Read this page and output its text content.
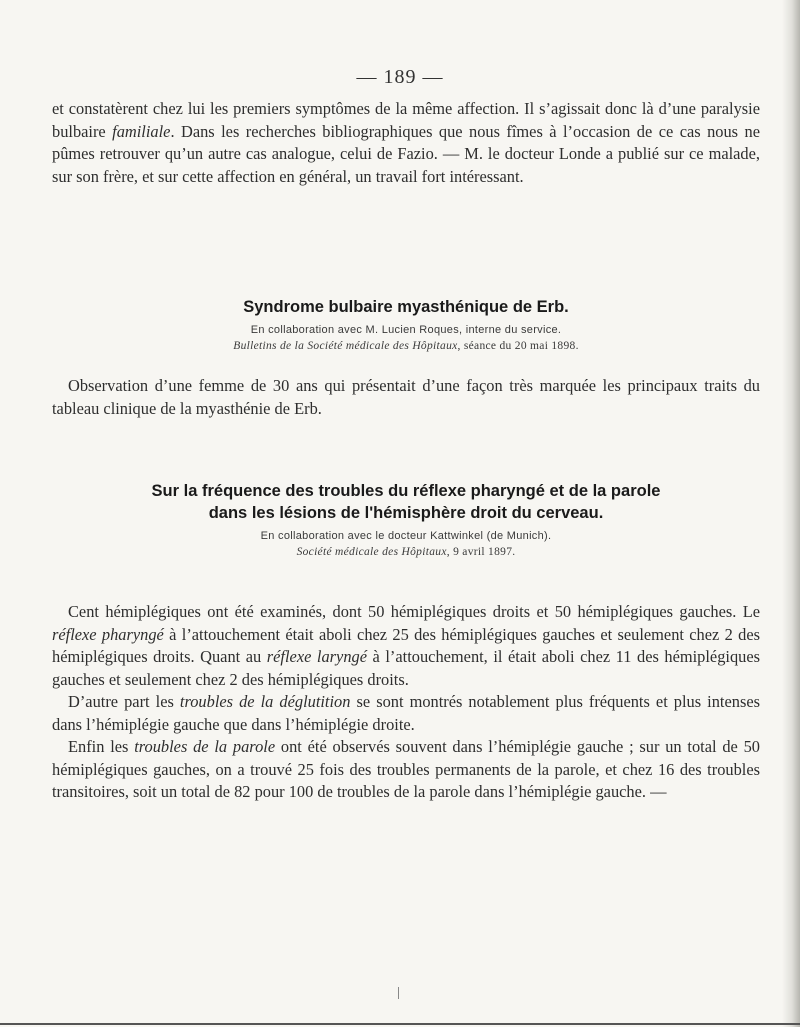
— 189 —

et constatèrent chez lui les premiers symptômes de la même affection. Il s’agissait donc là d’une paralysie bulbaire familiale. Dans les recherches bibliographiques que nous fîmes à l’occasion de ce cas nous ne pûmes retrouver qu’un autre cas analogue, celui de Fazio. — M. le docteur Londe a publié sur ce malade, sur son frère, et sur cette affection en général, un travail fort intéressant.

Syndrome bulbaire myasthénique de Erb.

En collaboration avec M. Lucien Roques, interne du service.

Bulletins de la Société médicale des Hôpitaux, séance du 20 mai 1898.

Observation d’une femme de 30 ans qui présentait d’une façon très marquée les principaux traits du tableau clinique de la myasthénie de Erb.

Sur la fréquence des troubles du réflexe pharyngé et de la parole
dans les lésions de l'hémisphère droit du cerveau.

En collaboration avec le docteur Kattwinkel (de Munich).

Société médicale des Hôpitaux, 9 avril 1897.

Cent hémiplégiques ont été examinés, dont 50 hémiplégiques droits et 50 hémiplégiques gauches. Le réflexe pharyngé à l’attouchement était aboli chez 25 des hémiplégiques gauches et seulement chez 2 des hémiplégiques droits. Quant au réflexe laryngé à l’attouchement, il était aboli chez 11 des hémiplégiques gauches et seulement chez 2 des hémiplégiques droits.

D’autre part les troubles de la déglutition se sont montrés notablement plus fréquents et plus intenses dans l’hémiplégie gauche que dans l’hémiplégie droite.

Enfin les troubles de la parole ont été observés souvent dans l’hémiplégie gauche ; sur un total de 50 hémiplégiques gauches, on a trouvé 25 fois des troubles permanents de la parole, et chez 16 des troubles transitoires, soit un total de 82 pour 100 de troubles de la parole dans l’hémiplégie gauche. —
